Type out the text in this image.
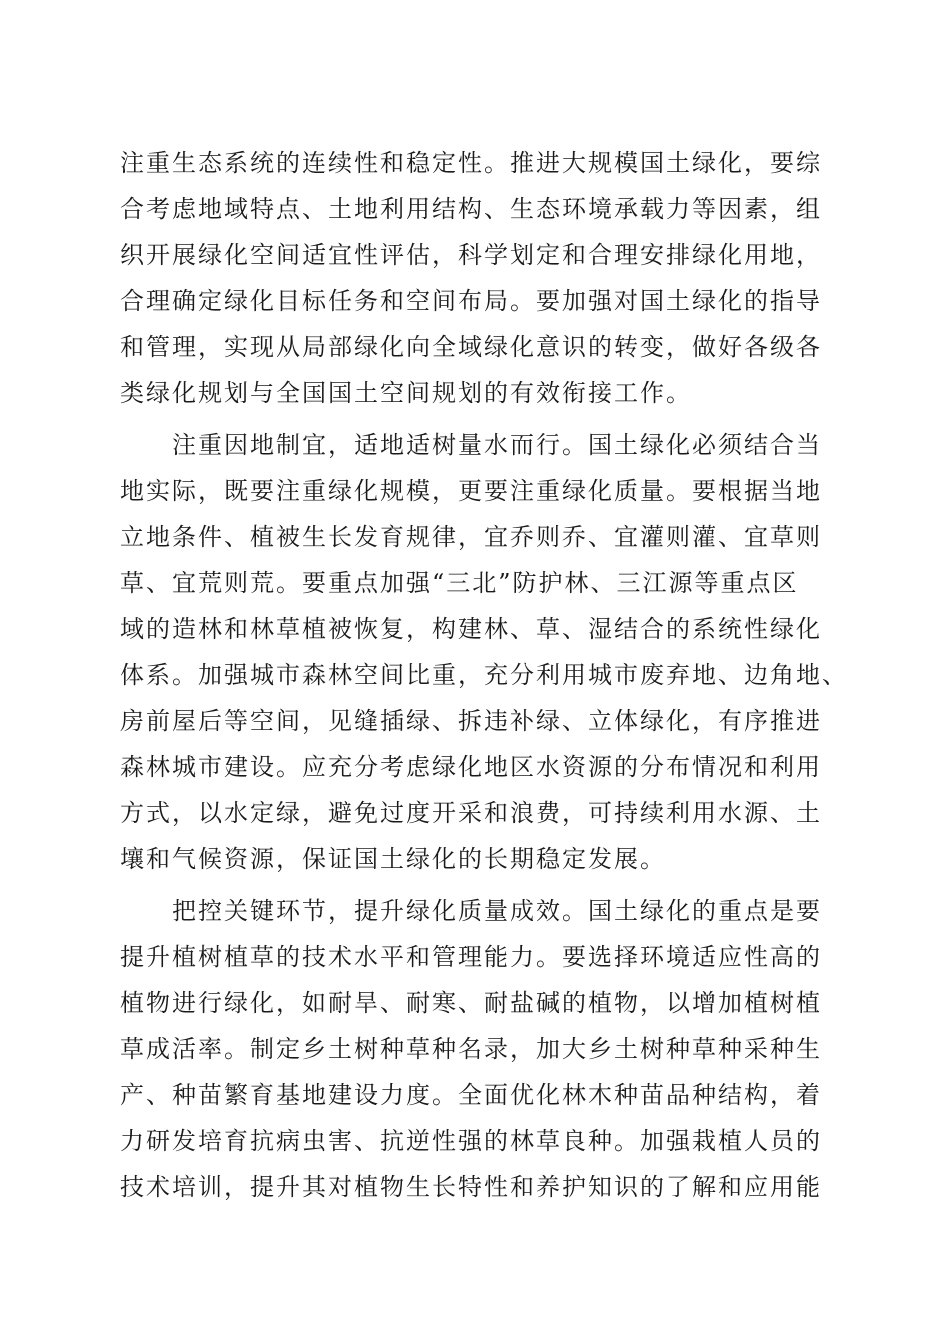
注重生态系统的连续性和稳定性。推进大规模国土绿化，要综
合考虑地域特点、土地利用结构、生态环境承载力等因素，组
织开展绿化空间适宜性评估，科学划定和合理安排绿化用地，
合理确定绿化目标任务和空间布局。要加强对国土绿化的指导
和管理，实现从局部绿化向全域绿化意识的转变，做好各级各
类绿化规划与全国国土空间规划的有效衔接工作。
注重因地制宜，适地适树量水而行。国土绿化必须结合当
地实际，既要注重绿化规模，更要注重绿化质量。要根据当地
立地条件、植被生长发育规律，宜乔则乔、宜灌则灌、宜草则
草、宜荒则荒。要重点加强“三北”防护林、三江源等重点区
域的造林和林草植被恢复，构建林、草、湿结合的系统性绿化
体系。加强城市森林空间比重，充分利用城市废弃地、边角地、
房前屋后等空间，见缝插绿、拆违补绿、立体绿化，有序推进
森林城市建设。应充分考虑绿化地区水资源的分布情况和利用
方式，以水定绿，避免过度开采和浪费，可持续利用水源、土
壤和气候资源，保证国土绿化的长期稳定发展。
把控关键环节，提升绿化质量成效。国土绿化的重点是要
提升植树植草的技术水平和管理能力。要选择环境适应性高的
植物进行绿化，如耐旱、耐寒、耐盐碱的植物，以增加植树植
草成活率。制定乡土树种草种名录，加大乡土树种草种采种生
产、种苗繁育基地建设力度。全面优化林木种苗品种结构，着
力研发培育抗病虫害、抗逆性强的林草良种。加强栽植人员的
技术培训，提升其对植物生长特性和养护知识的了解和应用能
